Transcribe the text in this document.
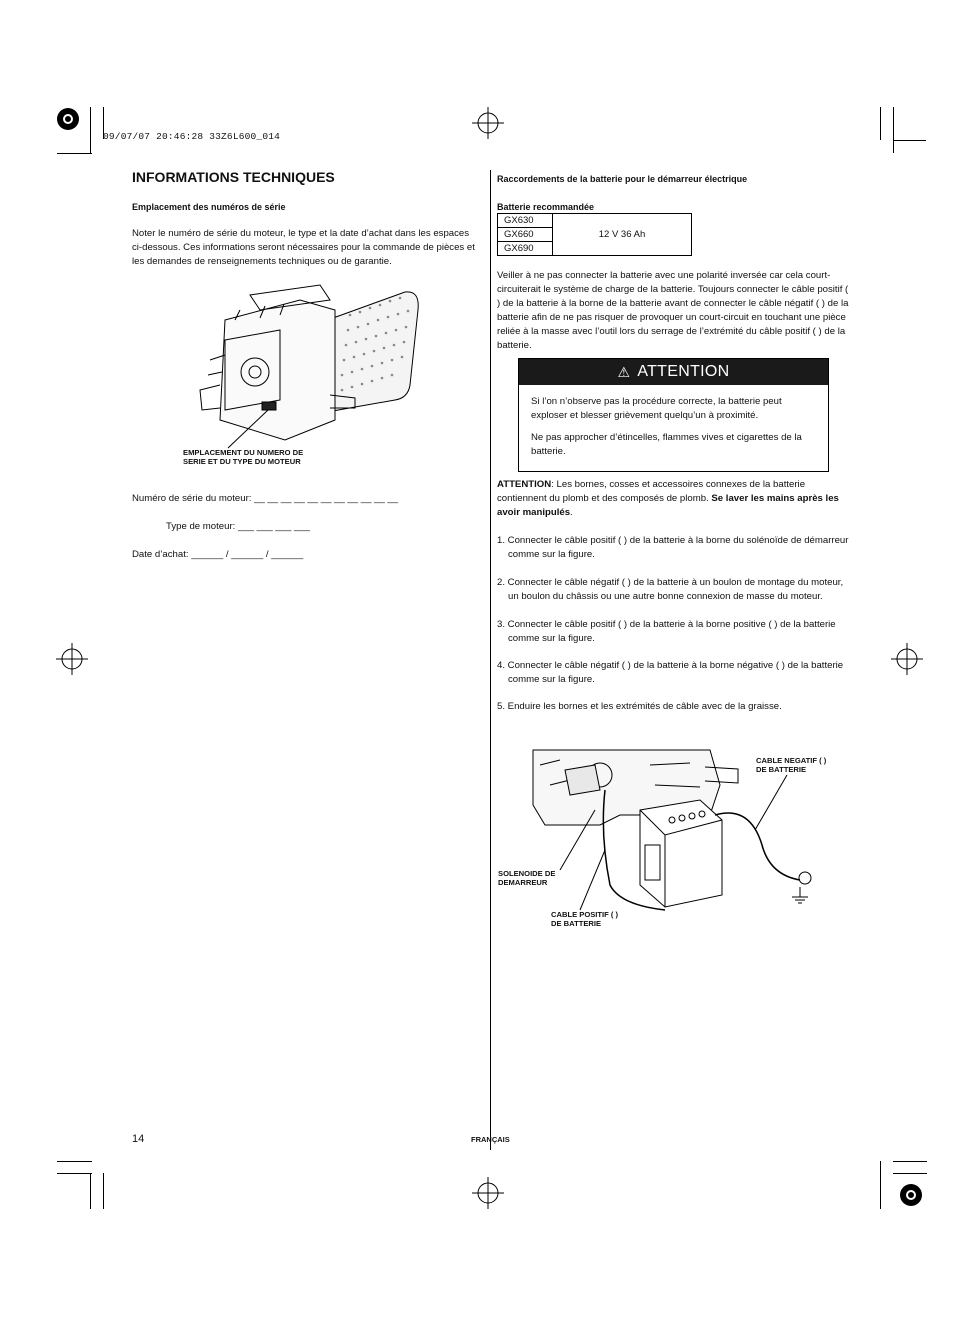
09/07/07 20:46:28 33Z6L600_014
INFORMATIONS TECHNIQUES
Emplacement des numéros de série
Noter le numéro de série du moteur, le type et la date d’achat dans les espaces ci-dessous. Ces informations seront nécessaires pour la commande de pièces et les demandes de renseignements techniques ou de garantie.
EMPLACEMENT DU NUMERO DE
SERIE ET DU TYPE DU MOTEUR
Numéro de série du moteur: __ __ __ __ __ __ __ __ __ __ __
Type de moteur: ___ ___ ___ ___
Date d’achat: ______ / ______ / ______
Raccordements de la batterie pour le démarreur électrique
Batterie recommandée
GX630	12 V 36 Ah
GX660
GX690
Veiller à ne pas connecter la batterie avec une polarité inversée car cela court-circuiterait le système de charge de la batterie. Toujours connecter le câble positif ( ) de la batterie à la borne de la batterie avant de connecter le câble négatif ( ) de la batterie afin de ne pas risquer de provoquer un court-circuit en touchant une pièce reliée à la masse avec l’outil lors du serrage de l’extrémité du câble positif ( ) de la batterie.
⚠ ATTENTION
Si l’on n’observe pas la procédure correcte, la batterie peut exploser et blesser grièvement quelqu’un à proximité.
Ne pas approcher d’étincelles, flammes vives et cigarettes de la batterie.
ATTENTION: Les bornes, cosses et accessoires connexes de la batterie contiennent du plomb et des composés de plomb. Se laver les mains après les avoir manipulés.
1. Connecter le câble positif ( ) de la batterie à la borne du solénoïde de démarreur comme sur la figure.
2. Connecter le câble négatif ( ) de la batterie à un boulon de montage du moteur, un boulon du châssis ou une autre bonne connexion de masse du moteur.
3. Connecter le câble positif ( ) de la batterie à la borne positive ( ) de la batterie comme sur la figure.
4. Connecter le câble négatif ( ) de la batterie à la borne négative ( ) de la batterie comme sur la figure.
5. Enduire les bornes et les extrémités de câble avec de la graisse.
CABLE NEGATIF ( )
DE BATTERIE
SOLENOIDE DE
DEMARREUR
CABLE POSITIF ( )
DE BATTERIE
14	FRANÇAIS
